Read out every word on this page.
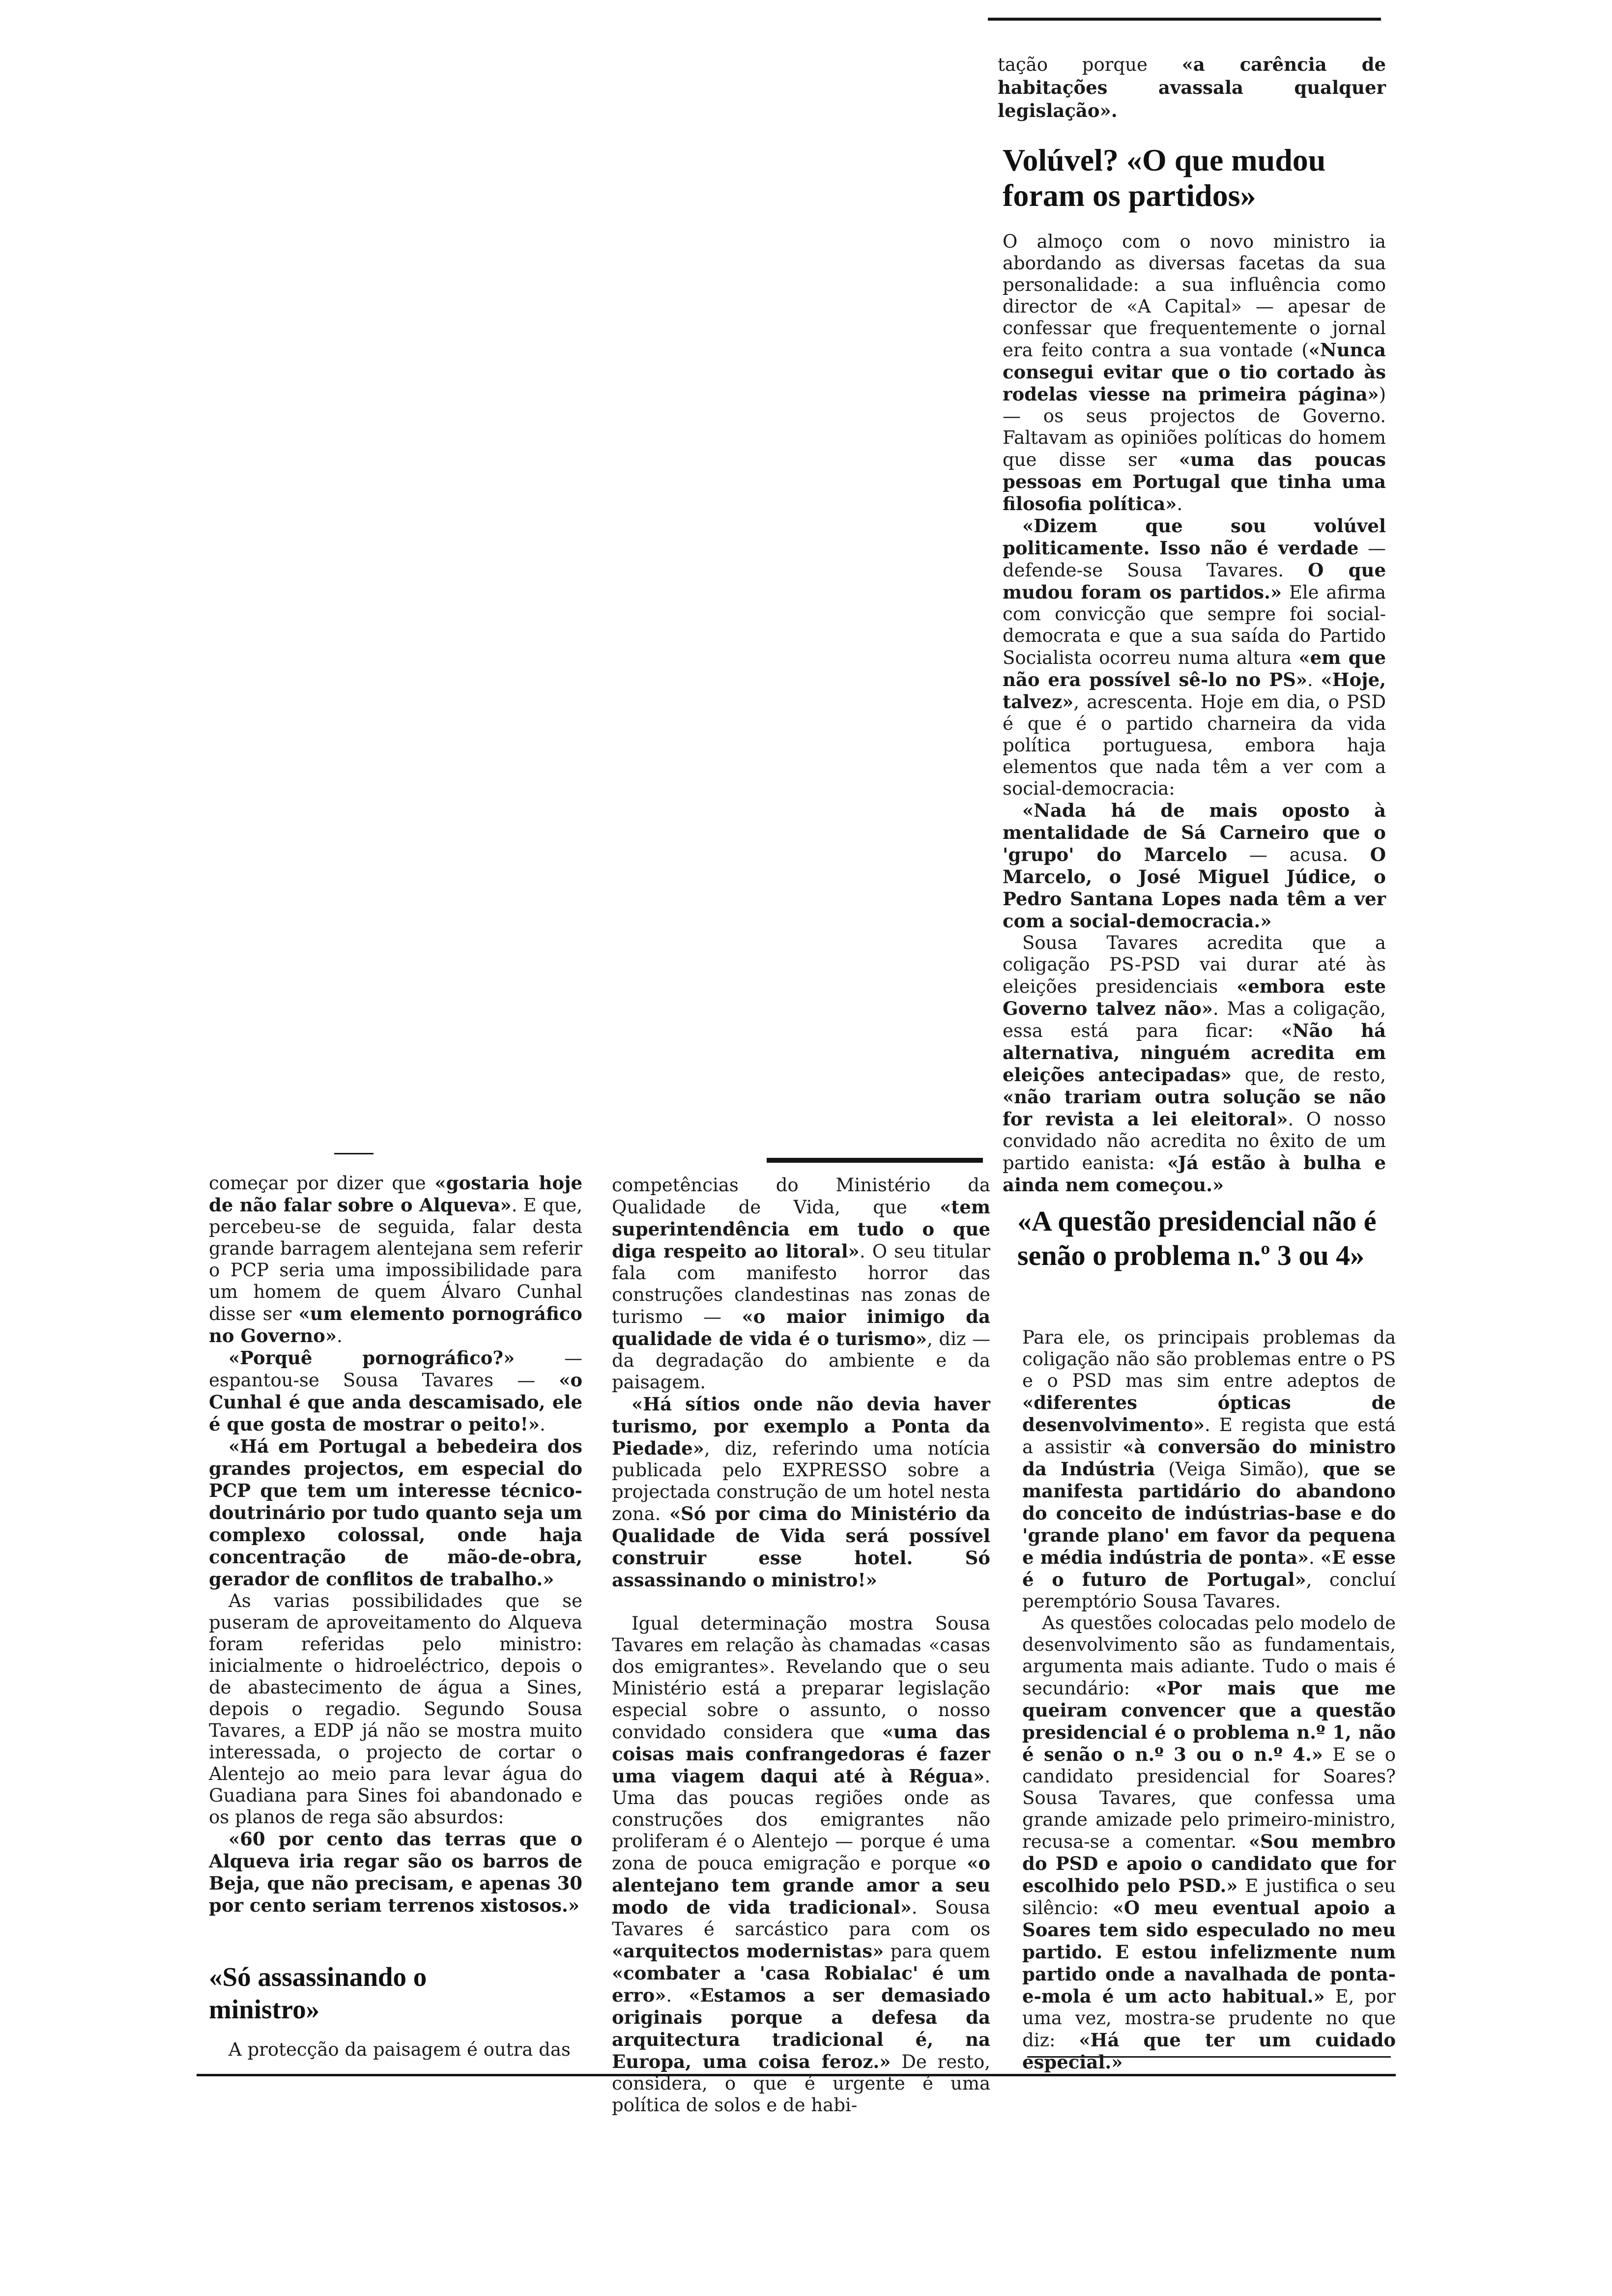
tação porque «a carência de habitações avassala qualquer legislação».
Volúvel? «O que mudou foram os partidos»

O almoço com o novo ministro ia abordando as diversas facetas da sua personalidade: a sua influência como director de «A Capital» — apesar de confessar que frequentemente o jornal era feito contra a sua vontade («Nunca consegui evitar que o tio cortado às rodelas viesse na primeira página») — os seus projectos de Governo. Faltavam as opiniões políticas do homem que disse ser «uma das poucas pessoas em Portugal que tinha uma filosofia política».

«Dizem que sou volúvel politicamente. Isso não é verdade — defende-se Sousa Tavares. O que mudou foram os partidos.» Ele afirma com convicção que sempre foi social-democrata e que a sua saída do Partido Socialista ocorreu numa altura «em que não era possível sê-lo no PS». «Hoje, talvez», acrescenta. Hoje em dia, o PSD é que é o partido charneira da vida política portuguesa, embora haja elementos que nada têm a ver com a social-democracia:

«Nada há de mais oposto à mentalidade de Sá Carneiro que o 'grupo' do Marcelo — acusa. O Marcelo, o José Miguel Júdice, o Pedro Santana Lopes nada têm a ver com a social-democracia.»

Sousa Tavares acredita que a coligação PS-PSD vai durar até às eleições presidenciais «embora este Governo talvez não». Mas a coligação, essa está para ficar: «Não há alternativa, ninguém acredita em eleições antecipadas» que, de resto, «não trariam outra solução se não for revista a lei eleitoral». O nosso convidado não acredita no êxito de um partido eanista: «Já estão à bulha e ainda nem começou.»

«A questão presidencial não é senão o problema n.º 3 ou 4»

Para ele, os principais problemas da coligação não são problemas entre o PS e o PSD mas sim entre adeptos de «diferentes ópticas de desenvolvimento». E regista que está a assistir «à conversão do ministro da Indústria (Veiga Simão), que se manifesta partidário do abandono do conceito de indústrias-base e do 'grande plano' em favor da pequena e média indústria de ponta». «E esse é o futuro de Portugal», concluí peremptório Sousa Tavares.

As questões colocadas pelo modelo de desenvolvimento são as fundamentais, argumenta mais adiante. Tudo o mais é secundário: «Por mais que me queiram convencer que a questão presidencial é o problema n.º 1, não é senão o n.º 3 ou o n.º 4.» E se o candidato presidencial for Soares? Sousa Tavares, que confessa uma grande amizade pelo primeiro-ministro, recusa-se a comentar. «Sou membro do PSD e apoio o candidato que for escolhido pelo PSD.» E justifica o seu silêncio: «O meu eventual apoio a Soares tem sido especulado no meu partido. E estou infelizmente num partido onde a navalhada de ponta-e-mola é um acto habitual.» E, por uma vez, mostra-se prudente no que diz: «Há que ter um cuidado especial.»

começar por dizer que «gostaria hoje de não falar sobre o Alqueva». E que, percebeu-se de seguida, falar desta grande barragem alentejana sem referir o PCP seria uma impossibilidade para um homem de quem Álvaro Cunhal disse ser «um elemento pornográfico no Governo».

«Porquê pornográfico?» — espantou-se Sousa Tavares — «o Cunhal é que anda descamisado, ele é que gosta de mostrar o peito!».

«Há em Portugal a bebedeira dos grandes projectos, em especial do PCP que tem um interesse técnico-doutrinário por tudo quanto seja um complexo colossal, onde haja concentração de mão-de-obra, gerador de conflitos de trabalho.»

As varias possibilidades que se puseram de aproveitamento do Alqueva foram referidas pelo ministro: inicialmente o hidroeléctrico, depois o de abastecimento de água a Sines, depois o regadio. Segundo Sousa Tavares, a EDP já não se mostra muito interessada, o projecto de cortar o Alentejo ao meio para levar água do Guadiana para Sines foi abandonado e os planos de rega são absurdos:

«60 por cento das terras que o Alqueva iria regar são os barros de Beja, que não precisam, e apenas 30 por cento seriam terrenos xistosos.»

«Só assassinando o ministro»
A protecção da paisagem é outra das

competências do Ministério da Qualidade de Vida, que «tem superintendência em tudo o que diga respeito ao litoral». O seu titular fala com manifesto horror das construções clandestinas nas zonas de turismo — «o maior inimigo da qualidade de vida é o turismo», diz — da degradação do ambiente e da paisagem.

«Há sítios onde não devia haver turismo, por exemplo a Ponta da Piedade», diz, referindo uma notícia publicada pelo EXPRESSO sobre a projectada construção de um hotel nesta zona. «Só por cima do Ministério da Qualidade de Vida será possível construir esse hotel. Só assassinando o ministro!»

Igual determinação mostra Sousa Tavares em relação às chamadas «casas dos emigrantes». Revelando que o seu Ministério está a preparar legislação especial sobre o assunto, o nosso convidado considera que «uma das coisas mais confrangedoras é fazer uma viagem daqui até à Régua». Uma das poucas regiões onde as construções dos emigrantes não proliferam é o Alentejo — porque é uma zona de pouca emigração e porque «o alentejano tem grande amor a seu modo de vida tradicional». Sousa Tavares é sarcástico para com os «arquitectos modernistas» para quem «combater a 'casa Robialac' é um erro». «Estamos a ser demasiado originais porque a defesa da arquitectura tradicional é, na Europa, uma coisa feroz.» De resto, considera, o que é urgente é uma política de solos e de habi-
